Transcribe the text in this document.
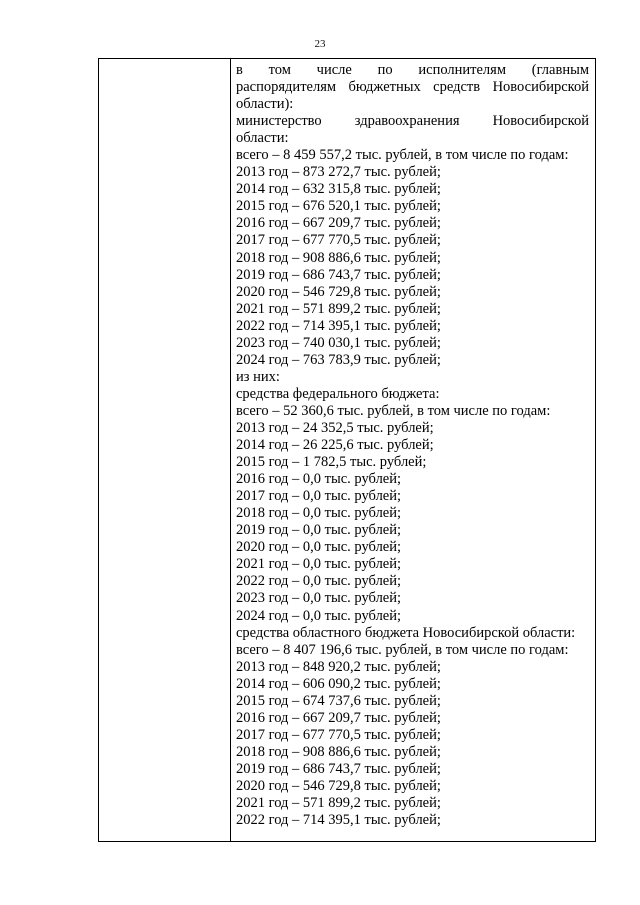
23
в том числе по исполнителям (главным
распорядителям бюджетных средств Новосибирской
области):
министерство здравоохранения Новосибирской
области:
всего – 8 459 557,2 тыс. рублей, в том числе по годам:
2013 год – 873 272,7 тыс. рублей;
2014 год – 632 315,8 тыс. рублей;
2015 год – 676 520,1 тыс. рублей;
2016 год – 667 209,7 тыс. рублей;
2017 год – 677 770,5 тыс. рублей;
2018 год – 908 886,6 тыс. рублей;
2019 год – 686 743,7 тыс. рублей;
2020 год – 546 729,8 тыс. рублей;
2021 год – 571 899,2 тыс. рублей;
2022 год – 714 395,1 тыс. рублей;
2023 год – 740 030,1 тыс. рублей;
2024 год – 763 783,9 тыс. рублей;
из них:
средства федерального бюджета:
всего – 52 360,6 тыс. рублей, в том числе по годам:
2013 год – 24 352,5 тыс. рублей;
2014 год – 26 225,6 тыс. рублей;
2015 год – 1 782,5 тыс. рублей;
2016 год – 0,0 тыс. рублей;
2017 год – 0,0 тыс. рублей;
2018 год – 0,0 тыс. рублей;
2019 год – 0,0 тыс. рублей;
2020 год – 0,0 тыс. рублей;
2021 год – 0,0 тыс. рублей;
2022 год – 0,0 тыс. рублей;
2023 год – 0,0 тыс. рублей;
2024 год – 0,0 тыс. рублей;
средства областного бюджета Новосибирской области:
всего – 8 407 196,6 тыс. рублей, в том числе по годам:
2013 год – 848 920,2 тыс. рублей;
2014 год – 606 090,2 тыс. рублей;
2015 год – 674 737,6 тыс. рублей;
2016 год – 667 209,7 тыс. рублей;
2017 год – 677 770,5 тыс. рублей;
2018 год – 908 886,6 тыс. рублей;
2019 год – 686 743,7 тыс. рублей;
2020 год – 546 729,8 тыс. рублей;
2021 год – 571 899,2 тыс. рублей;
2022 год – 714 395,1 тыс. рублей;
